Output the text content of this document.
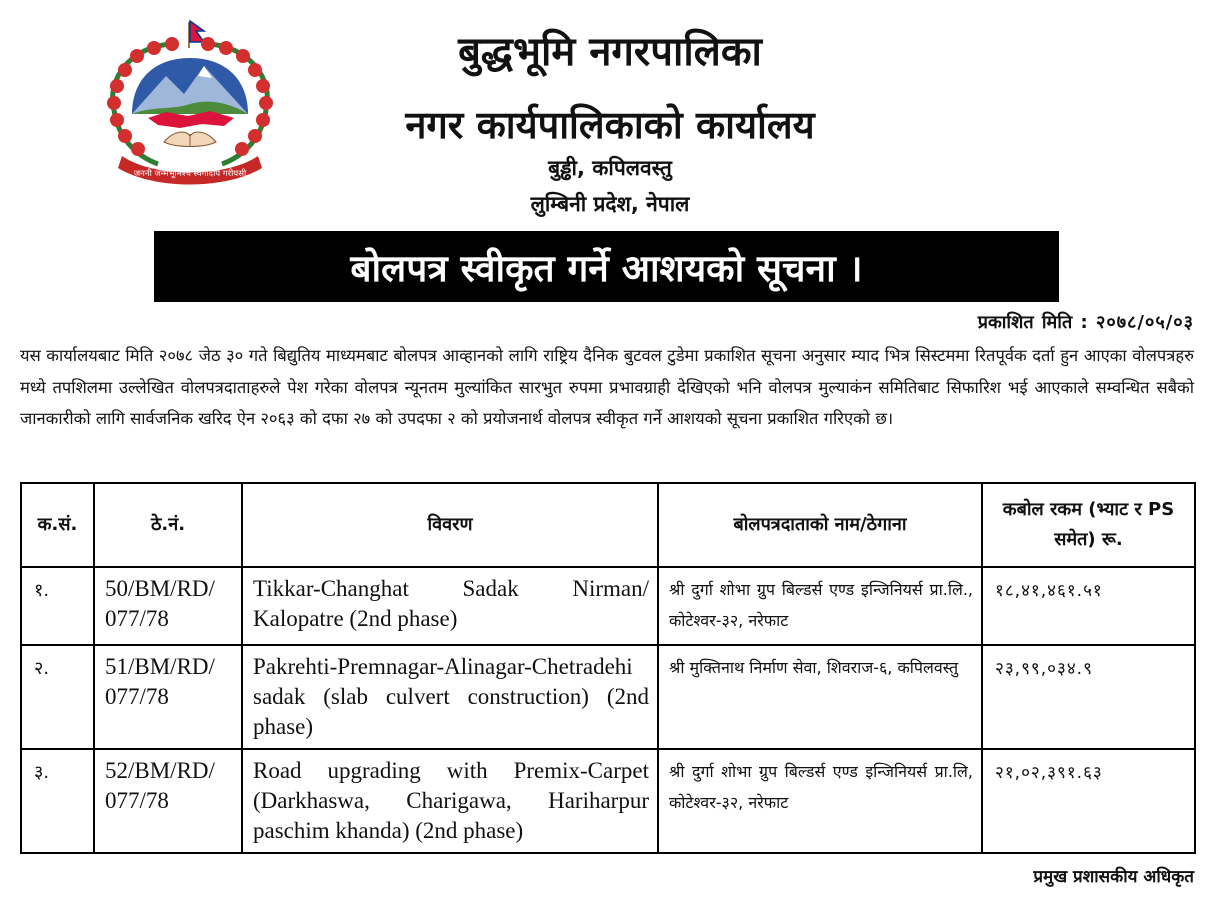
जननी जन्मभूमिश्च स्वर्गादपि गरीयसी
बुद्धभूमि नगरपालिका
नगर कार्यपालिकाको कार्यालय
बुड्ढी, कपिलवस्तु
लुम्बिनी प्रदेश, नेपाल
बोलपत्र स्वीकृत गर्ने आशयको सूचना ।
प्रकाशित मिति : २०७८/०५/०३
यस कार्यालयबाट मिति २०७८ जेठ ३० गते बिद्युतिय माध्यमबाट बोलपत्र आव्हानको लागि राष्ट्रिय दैनिक बुटवल टुडेमा प्रकाशित सूचना अनुसार म्याद भित्र सिस्टममा रितपूर्वक दर्ता हुन आएका वोलपत्रहरु मध्ये तपशिलमा उल्लेखित वोलपत्रदाताहरुले पेश गरेका वोलपत्र न्यूनतम मुल्यांकित सारभुत रुपमा प्रभावग्राही देखिएको भनि वोलपत्र मुल्याकंन समितिबाट सिफारिश भई आएकाले सम्वन्धित सबैको जानकारीको लागि सार्वजनिक खरिद ऐन २०६३ को दफा २७ को उपदफा २ को प्रयोजनार्थ वोलपत्र स्वीकृत गर्ने आशयको सूचना प्रकाशित गरिएको छ।
क.सं.	ठे.नं.	विवरण	बोलपत्रदाताको नाम/ठेगाना	कबोल रकम (भ्याट र PS समेत) रू.
१.	50/BM/RD/ 077/78	Tikkar-Changhat Sadak Nirman/ Kalopatre (2nd phase)	श्री दुर्गा शोभा ग्रुप बिल्डर्स एण्ड इन्जिनियर्स प्रा.लि., कोटेश्वर-३२, नरेफाट	१८,४१,४६१.५१
२.	51/BM/RD/ 077/78	Pakrehti-Premnagar-Alinagar-Chetradehi sadak (slab culvert construction) (2nd phase)	श्री मुक्तिनाथ निर्माण सेवा, शिवराज-६, कपिलवस्तु	२३,९९,०३४.९
३.	52/BM/RD/ 077/78	Road upgrading with Premix-Carpet (Darkhaswa, Charigawa, Hariharpur paschim khanda) (2nd phase)	श्री दुर्गा शोभा ग्रुप बिल्डर्स एण्ड इन्जिनियर्स प्रा.लि, कोटेश्वर-३२, नरेफाट	२१,०२,३९१.६३
प्रमुख प्रशासकीय अधिकृत
